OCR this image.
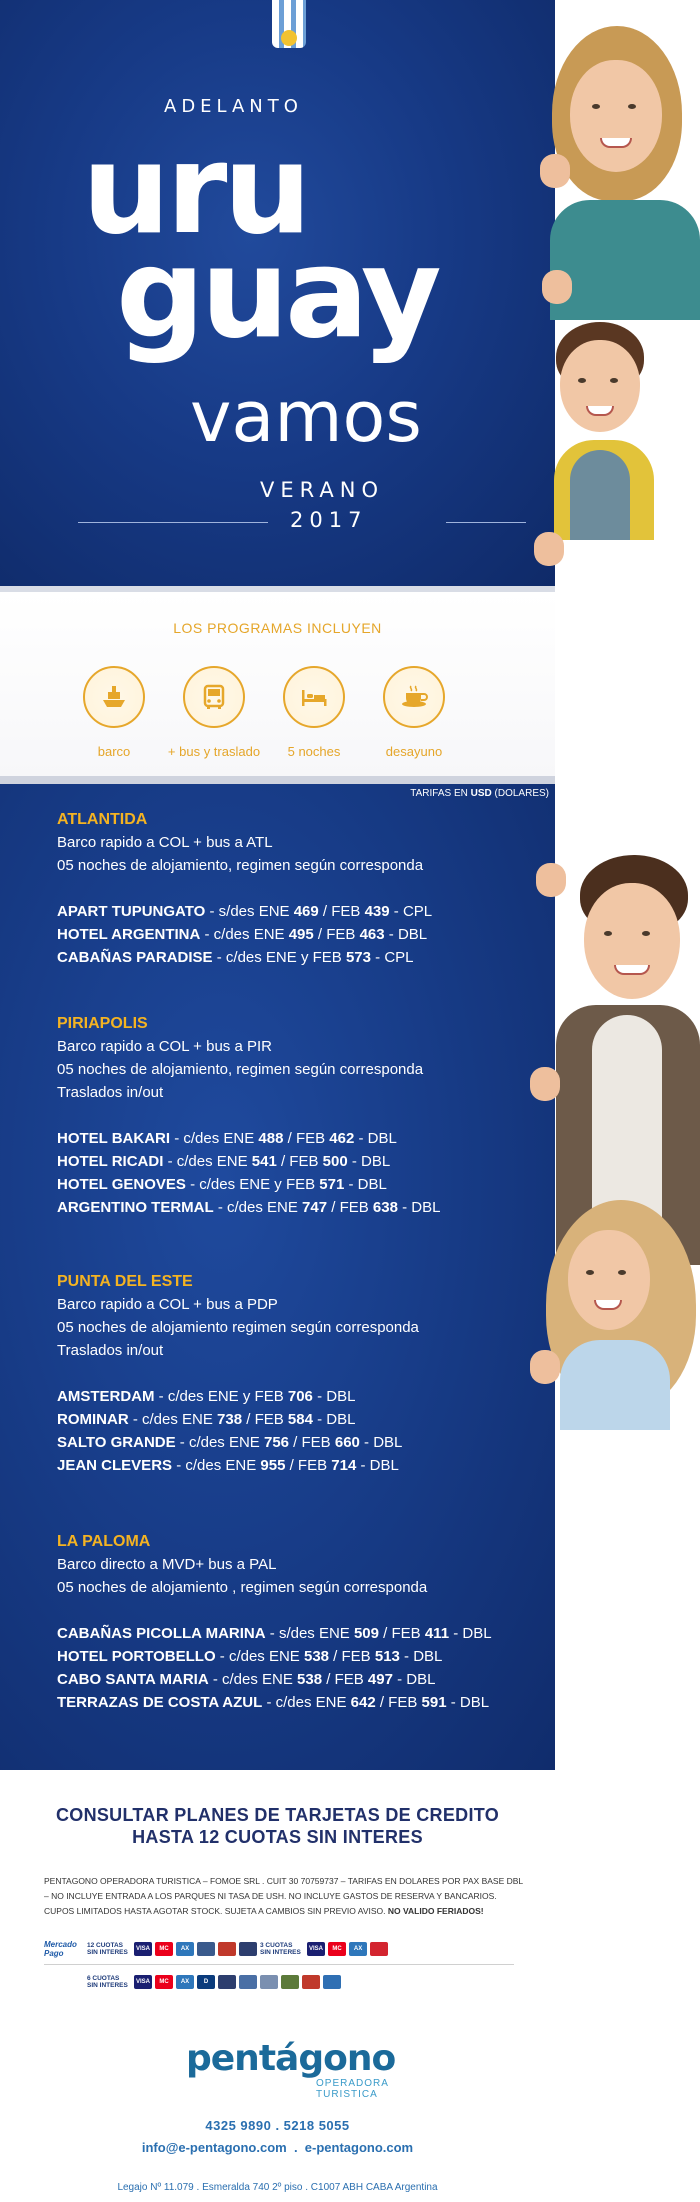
ADELANTO
uru
guay
vamos
VERANO
2017
LOS PROGRAMAS INCLUYEN
barco	+ bus y traslado	5 noches	desayuno
TARIFAS EN USD (DOLARES)
ATLANTIDA
Barco rapido a COL + bus a ATL
05 noches de alojamiento, regimen según corresponda
APART TUPUNGATO - s/des ENE 469 / FEB 439 - CPL
HOTEL ARGENTINA - c/des ENE 495 / FEB 463 - DBL
CABAÑAS PARADISE - c/des ENE y FEB 573 - CPL
PIRIAPOLIS
Barco rapido a COL + bus a PIR
05 noches de alojamiento, regimen según corresponda
Traslados in/out
HOTEL BAKARI - c/des ENE 488 / FEB 462 - DBL
HOTEL RICADI - c/des ENE 541 / FEB 500 - DBL
HOTEL GENOVES - c/des ENE y FEB 571 - DBL
ARGENTINO TERMAL - c/des ENE 747 / FEB 638 - DBL
PUNTA DEL ESTE
Barco rapido a COL + bus a PDP
05 noches de alojamiento regimen según corresponda
Traslados in/out
AMSTERDAM - c/des ENE y FEB 706 - DBL
ROMINAR - c/des ENE 738 / FEB 584 - DBL
SALTO GRANDE - c/des ENE 756 / FEB 660 - DBL
JEAN CLEVERS - c/des ENE 955 / FEB 714 - DBL
LA PALOMA
Barco directo a MVD+ bus a PAL
05 noches de alojamiento , regimen según corresponda
CABAÑAS PICOLLA MARINA - s/des ENE 509 / FEB 411 - DBL
HOTEL PORTOBELLO - c/des ENE 538 / FEB 513 - DBL
CABO SANTA MARIA - c/des ENE 538 / FEB 497 - DBL
TERRAZAS DE COSTA AZUL - c/des ENE 642 / FEB 591 - DBL
CONSULTAR PLANES DE TARJETAS DE CREDITO
HASTA 12 CUOTAS SIN INTERES
PENTAGONO OPERADORA TURISTICA – FOMOE SRL . CUIT 30 70759737 – TARIFAS EN DOLARES POR PAX BASE DBL – NO INCLUYE ENTRADA A LOS PARQUES NI TASA DE USH. NO INCLUYE GASTOS DE RESERVA Y BANCARIOS. CUPOS LIMITADOS HASTA AGOTAR STOCK. SUJETA A CAMBIOS SIN PREVIO AVISO. NO VALIDO FERIADOS!
Mercado Pago
12 CUOTAS SIN INTERES	VISA	MC	AX

	3 CUOTAS SIN INTERES	VISA	MC	AX

6 CUOTAS SIN INTERES	VISA	MC	AX	D

pentágono
OPERADORA
TURISTICA
4325 9890 . 5218 5055
info@e-pentagono.com  .  e-pentagono.com
Legajo Nº 11.079 . Esmeralda 740 2º piso . C1007 ABH CABA Argentina
